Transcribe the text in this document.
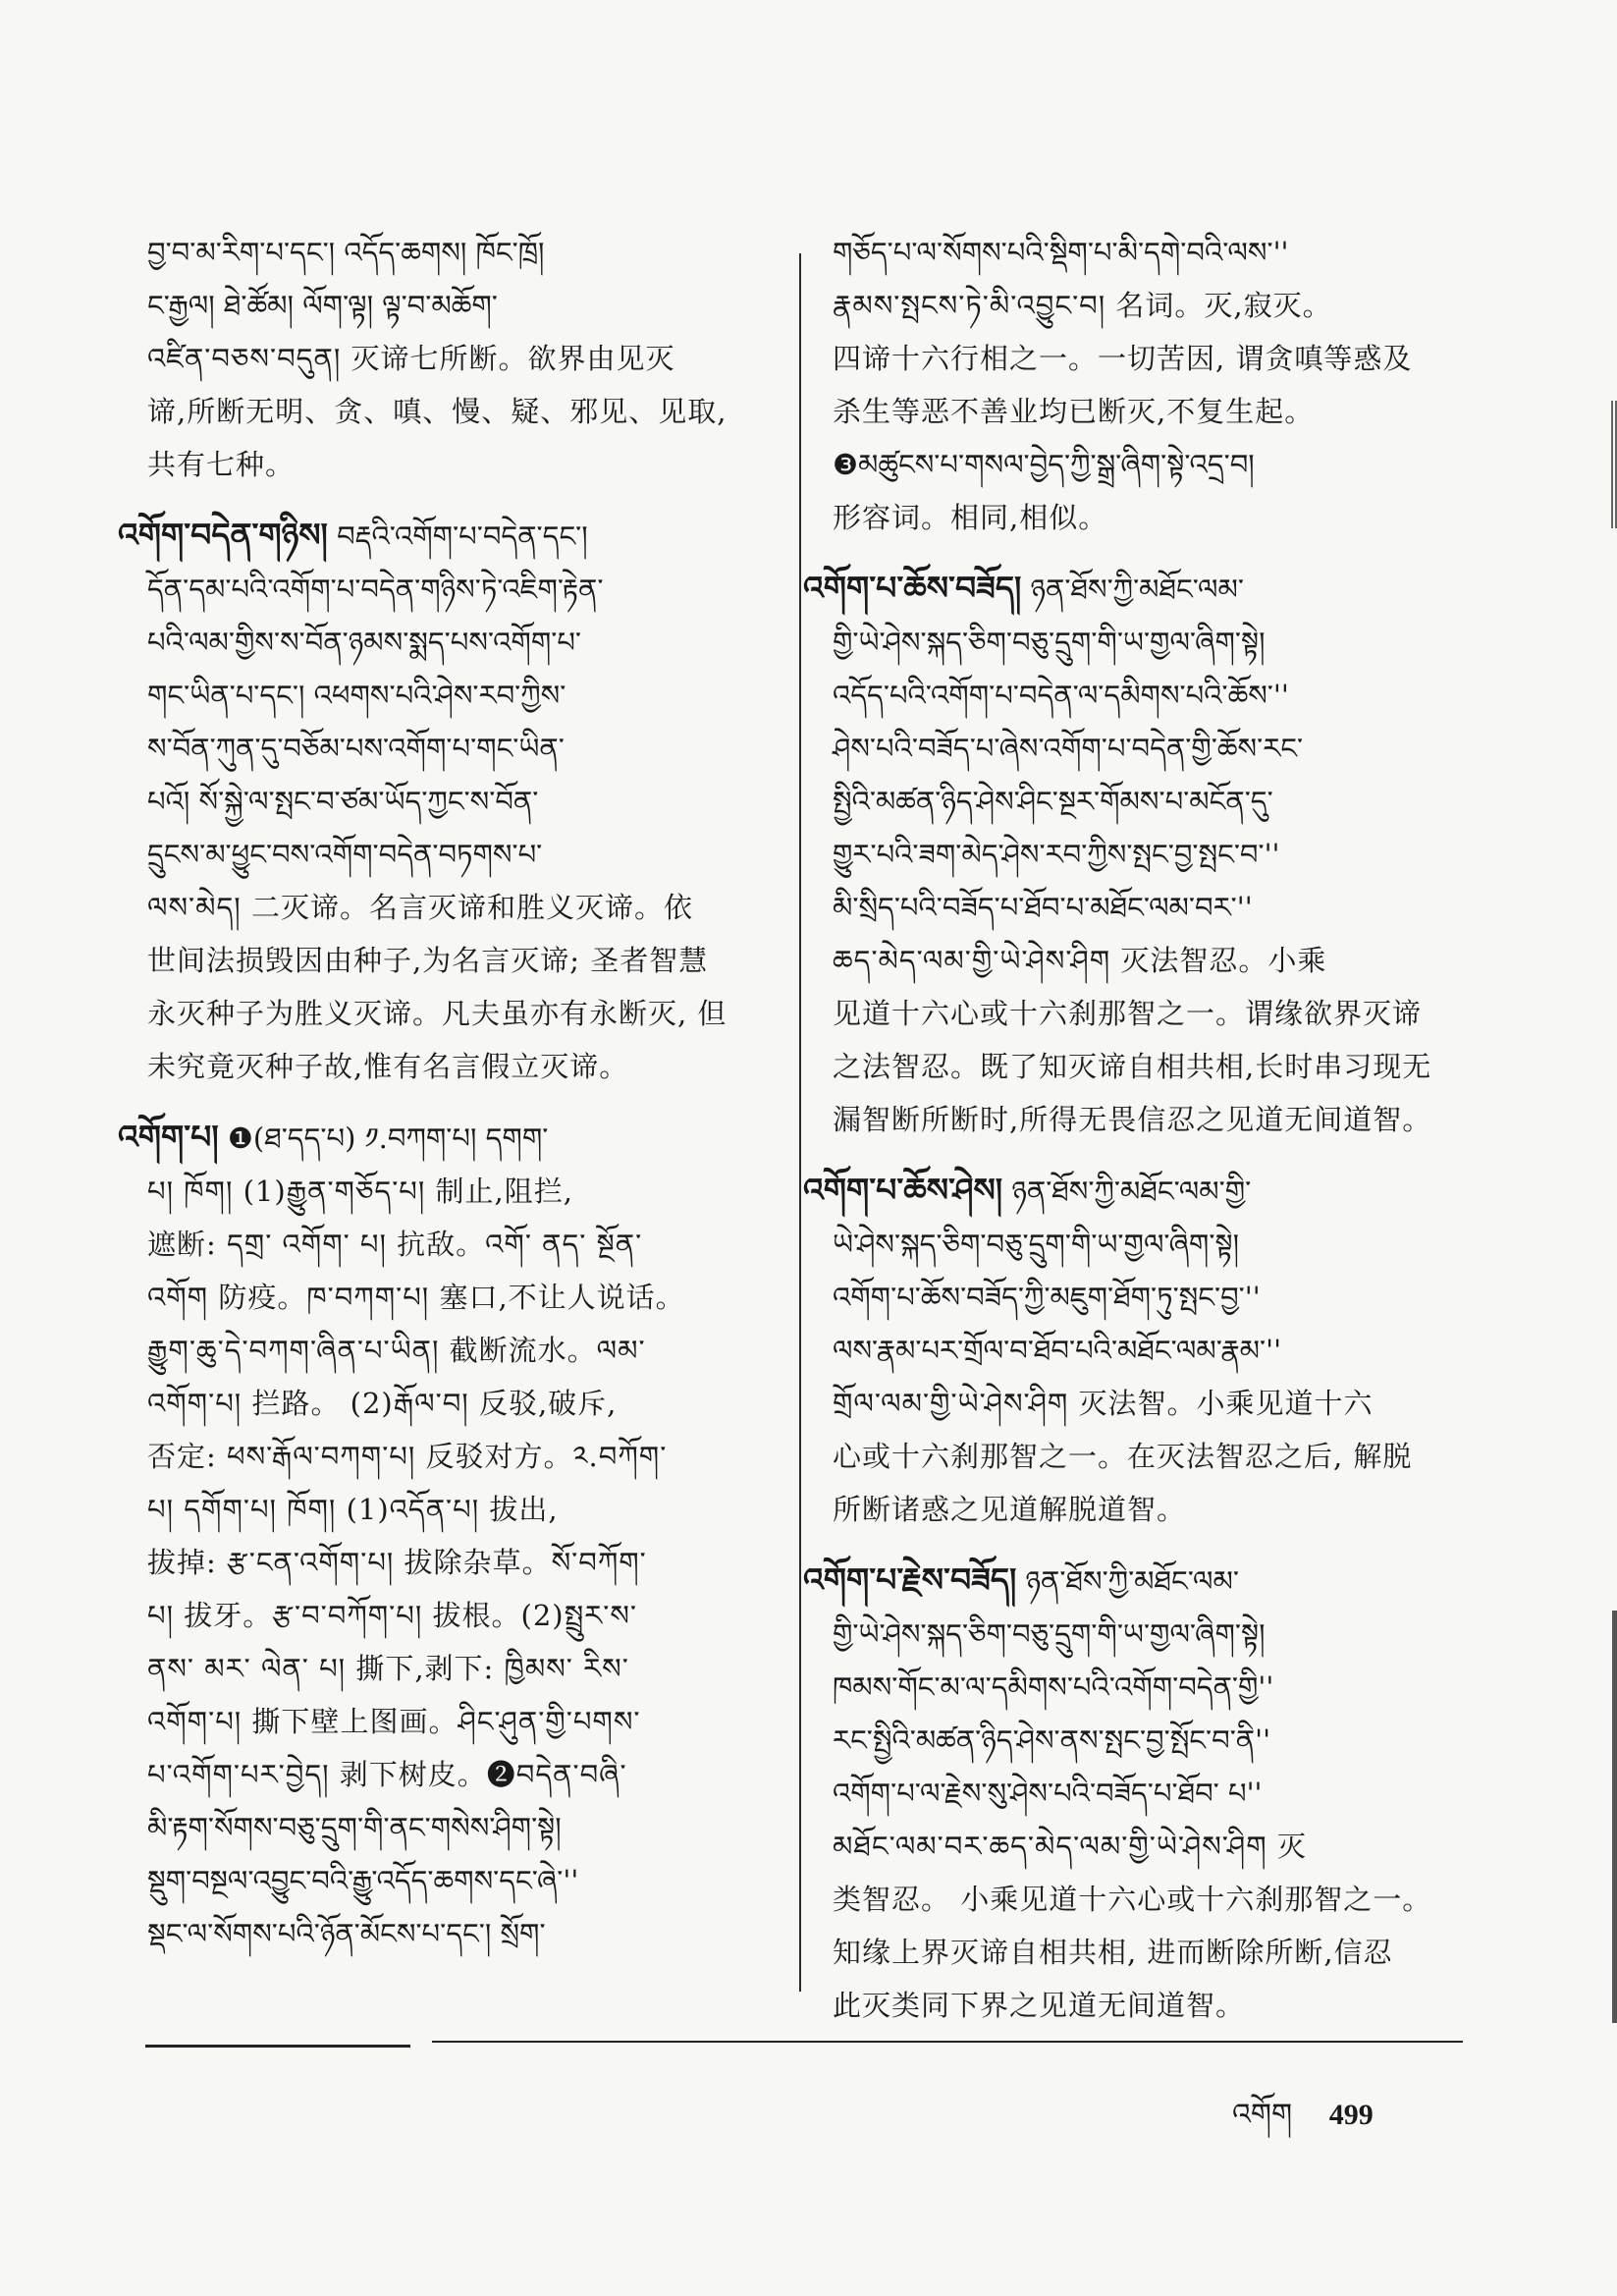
བྱ་བ་མ་རིག་པ་དང་། འདོད་ཆགས། ཁོང་ཁྲོ།
ང་རྒྱལ། ཐེ་ཚོམ། ལོག་ལྟ། ལྟ་བ་མཆོག་
འཛིན་བཅས་བདུན། 灭谛七所断。欲界由见灭
谛,所断无明、贪、嗔、慢、疑、邪见、见取,
共有七种。
འགོག་བདེན་གཉིས། བརྡའི་འགོག་པ་བདེན་དང་།
དོན་དམ་པའི་འགོག་པ་བདེན་གཉིས་ཏེ་འཇིག་རྟེན་
པའི་ལམ་གྱིས་ས་བོན་ཉམས་སྨད་པས་འགོག་པ་
གང་ཡིན་པ་དང་། འཕགས་པའི་ཤེས་རབ་ཀྱིས་
ས་བོན་ཀུན་དུ་བཅོམ་པས་འགོག་པ་གང་ཡིན་
པའོ། སོ་སྐྱེ་ལ་སྤང་བ་ཙམ་ཡོད་ཀྱང་ས་བོན་
དྲུངས་མ་ཕྱུང་བས་འགོག་བདེན་བཏགས་པ་
ལས་མེད། 二灭谛。名言灭谛和胜义灭谛。依
世间法损毁因由种子,为名言灭谛; 圣者智慧
永灭种子为胜义灭谛。凡夫虽亦有永断灭, 但
未究竟灭种子故,惟有名言假立灭谛。
འགོག་པ། ❶(ཐ་དད་པ) ༡.བཀག་པ། དགག་
པ། ཁོག། (1)རྒྱུན་གཅོད་པ། 制止,阻拦,
遮断: དགྲ་ འགོག་ པ། 抗敌。འགོ་ ནད་ སྔོན་
འགོག 防疫。ཁ་བཀག་པ། 塞口,不让人说话。
རྒྱུག་ཆུ་དེ་བཀག་ཞིན་པ་ཡིན། 截断流水。ལམ་
འགོག་པ། 拦路。 (2)རྒོལ་བ། 反驳,破斥,
否定: ཕས་རྒོལ་བཀག་པ། 反驳对方。༢.བཀོག་
པ། དགོག་པ། ཁོག། (1)འདོན་པ། 拔出,
拔掉: རྩ་ངན་འགོག་པ། 拔除杂草。སོ་བཀོག་
པ། 拔牙。རྩ་བ་བཀོག་པ། 拔根。(2)སྤྲུར་ས་
ནས་ མར་ ལེན་ པ། 撕下,剥下: ཁྱིམས་ རིས་
འགོག་པ། 撕下壁上图画。ཤིང་ཤུན་གྱི་པགས་
པ་འགོག་པར་བྱེད། 剥下树皮。❷བདེན་བཞི་
མི་རྟག་སོགས་བཅུ་དྲུག་གི་ནང་གསེས་ཤིག་སྟེ།
སྡུག་བསྔལ་འབྱུང་བའི་རྒྱུ་འདོད་ཆགས་དང་ཞེ་''
སྡང་ལ་སོགས་པའི་ཉོན་མོངས་པ་དང་། སྲོག་
གཅོད་པ་ལ་སོགས་པའི་སྡིག་པ་མི་དགེ་བའི་ལས་''
རྣམས་སྤངས་ཏེ་མི་འབྱུང་བ། 名词。灭,寂灭。
四谛十六行相之一。一切苦因, 谓贪嗔等惑及
杀生等恶不善业均已断灭,不复生起。
❸མཚུངས་པ་གསལ་བྱེད་ཀྱི་སྒྲ་ཞིག་སྟེ་འདྲ་བ།
形容词。相同,相似。
འགོག་པ་ཆོས་བཟོད། ཉན་ཐོས་ཀྱི་མཐོང་ལམ་
གྱི་ཡེ་ཤེས་སྐད་ཅིག་བཅུ་དྲུག་གི་ཡ་གྱལ་ཞིག་སྟེ།
འདོད་པའི་འགོག་པ་བདེན་ལ་དམིགས་པའི་ཆོས་''
ཤེས་པའི་བཟོད་པ་ཞེས་འགོག་པ་བདེན་གྱི་ཆོས་རང་
སྤྱིའི་མཚན་ཉིད་ཤེས་ཤིང་སྔར་གོམས་པ་མངོན་དུ་
གྱུར་པའི་ཟག་མེད་ཤེས་རབ་ཀྱིས་སྤང་བྱ་སྤང་བ་''
མི་སྲིད་པའི་བཟོད་པ་ཐོབ་པ་མཐོང་ལམ་བར་''
ཆད་མེད་ལམ་གྱི་ཡེ་ཤེས་ཤིག 灭法智忍。小乘
见道十六心或十六刹那智之一。谓缘欲界灭谛
之法智忍。既了知灭谛自相共相,长时串习现无
漏智断所断时,所得无畏信忍之见道无间道智。
འགོག་པ་ཆོས་ཤེས། ཉན་ཐོས་ཀྱི་མཐོང་ལམ་གྱི་
ཡེ་ཤེས་སྐད་ཅིག་བཅུ་དྲུག་གི་ཡ་གྱལ་ཞིག་སྟེ།
འགོག་པ་ཆོས་བཟོད་ཀྱི་མཇུག་ཐོག་ཏུ་སྤང་བྱ་''
ལས་རྣམ་པར་གྲོལ་བ་ཐོབ་པའི་མཐོང་ལམ་རྣམ་''
གྲོལ་ལམ་གྱི་ཡེ་ཤེས་ཤིག 灭法智。小乘见道十六
心或十六刹那智之一。在灭法智忍之后, 解脱
所断诸惑之见道解脱道智。
འགོག་པ་རྗེས་བཟོད། ཉན་ཐོས་ཀྱི་མཐོང་ལམ་
གྱི་ཡེ་ཤེས་སྐད་ཅིག་བཅུ་དྲུག་གི་ཡ་གྱལ་ཞིག་སྟེ།
ཁམས་གོང་མ་ལ་དམིགས་པའི་འགོག་བདེན་གྱི''
རང་སྤྱིའི་མཚན་ཉིད་ཤེས་ནས་སྤང་བྱ་སྤོང་བ་ནི''
འགོག་པ་ལ་རྗེས་སུ་ཤེས་པའི་བཟོད་པ་ཐོབ་ པ''
མཐོང་ལམ་བར་ཆད་མེད་ལམ་གྱི་ཡེ་ཤེས་ཤིག 灭
类智忍。 小乘见道十六心或十六刹那智之一。
知缘上界灭谛自相共相, 进而断除所断,信忍
此灭类同下界之见道无间道智。
འགོག 499
